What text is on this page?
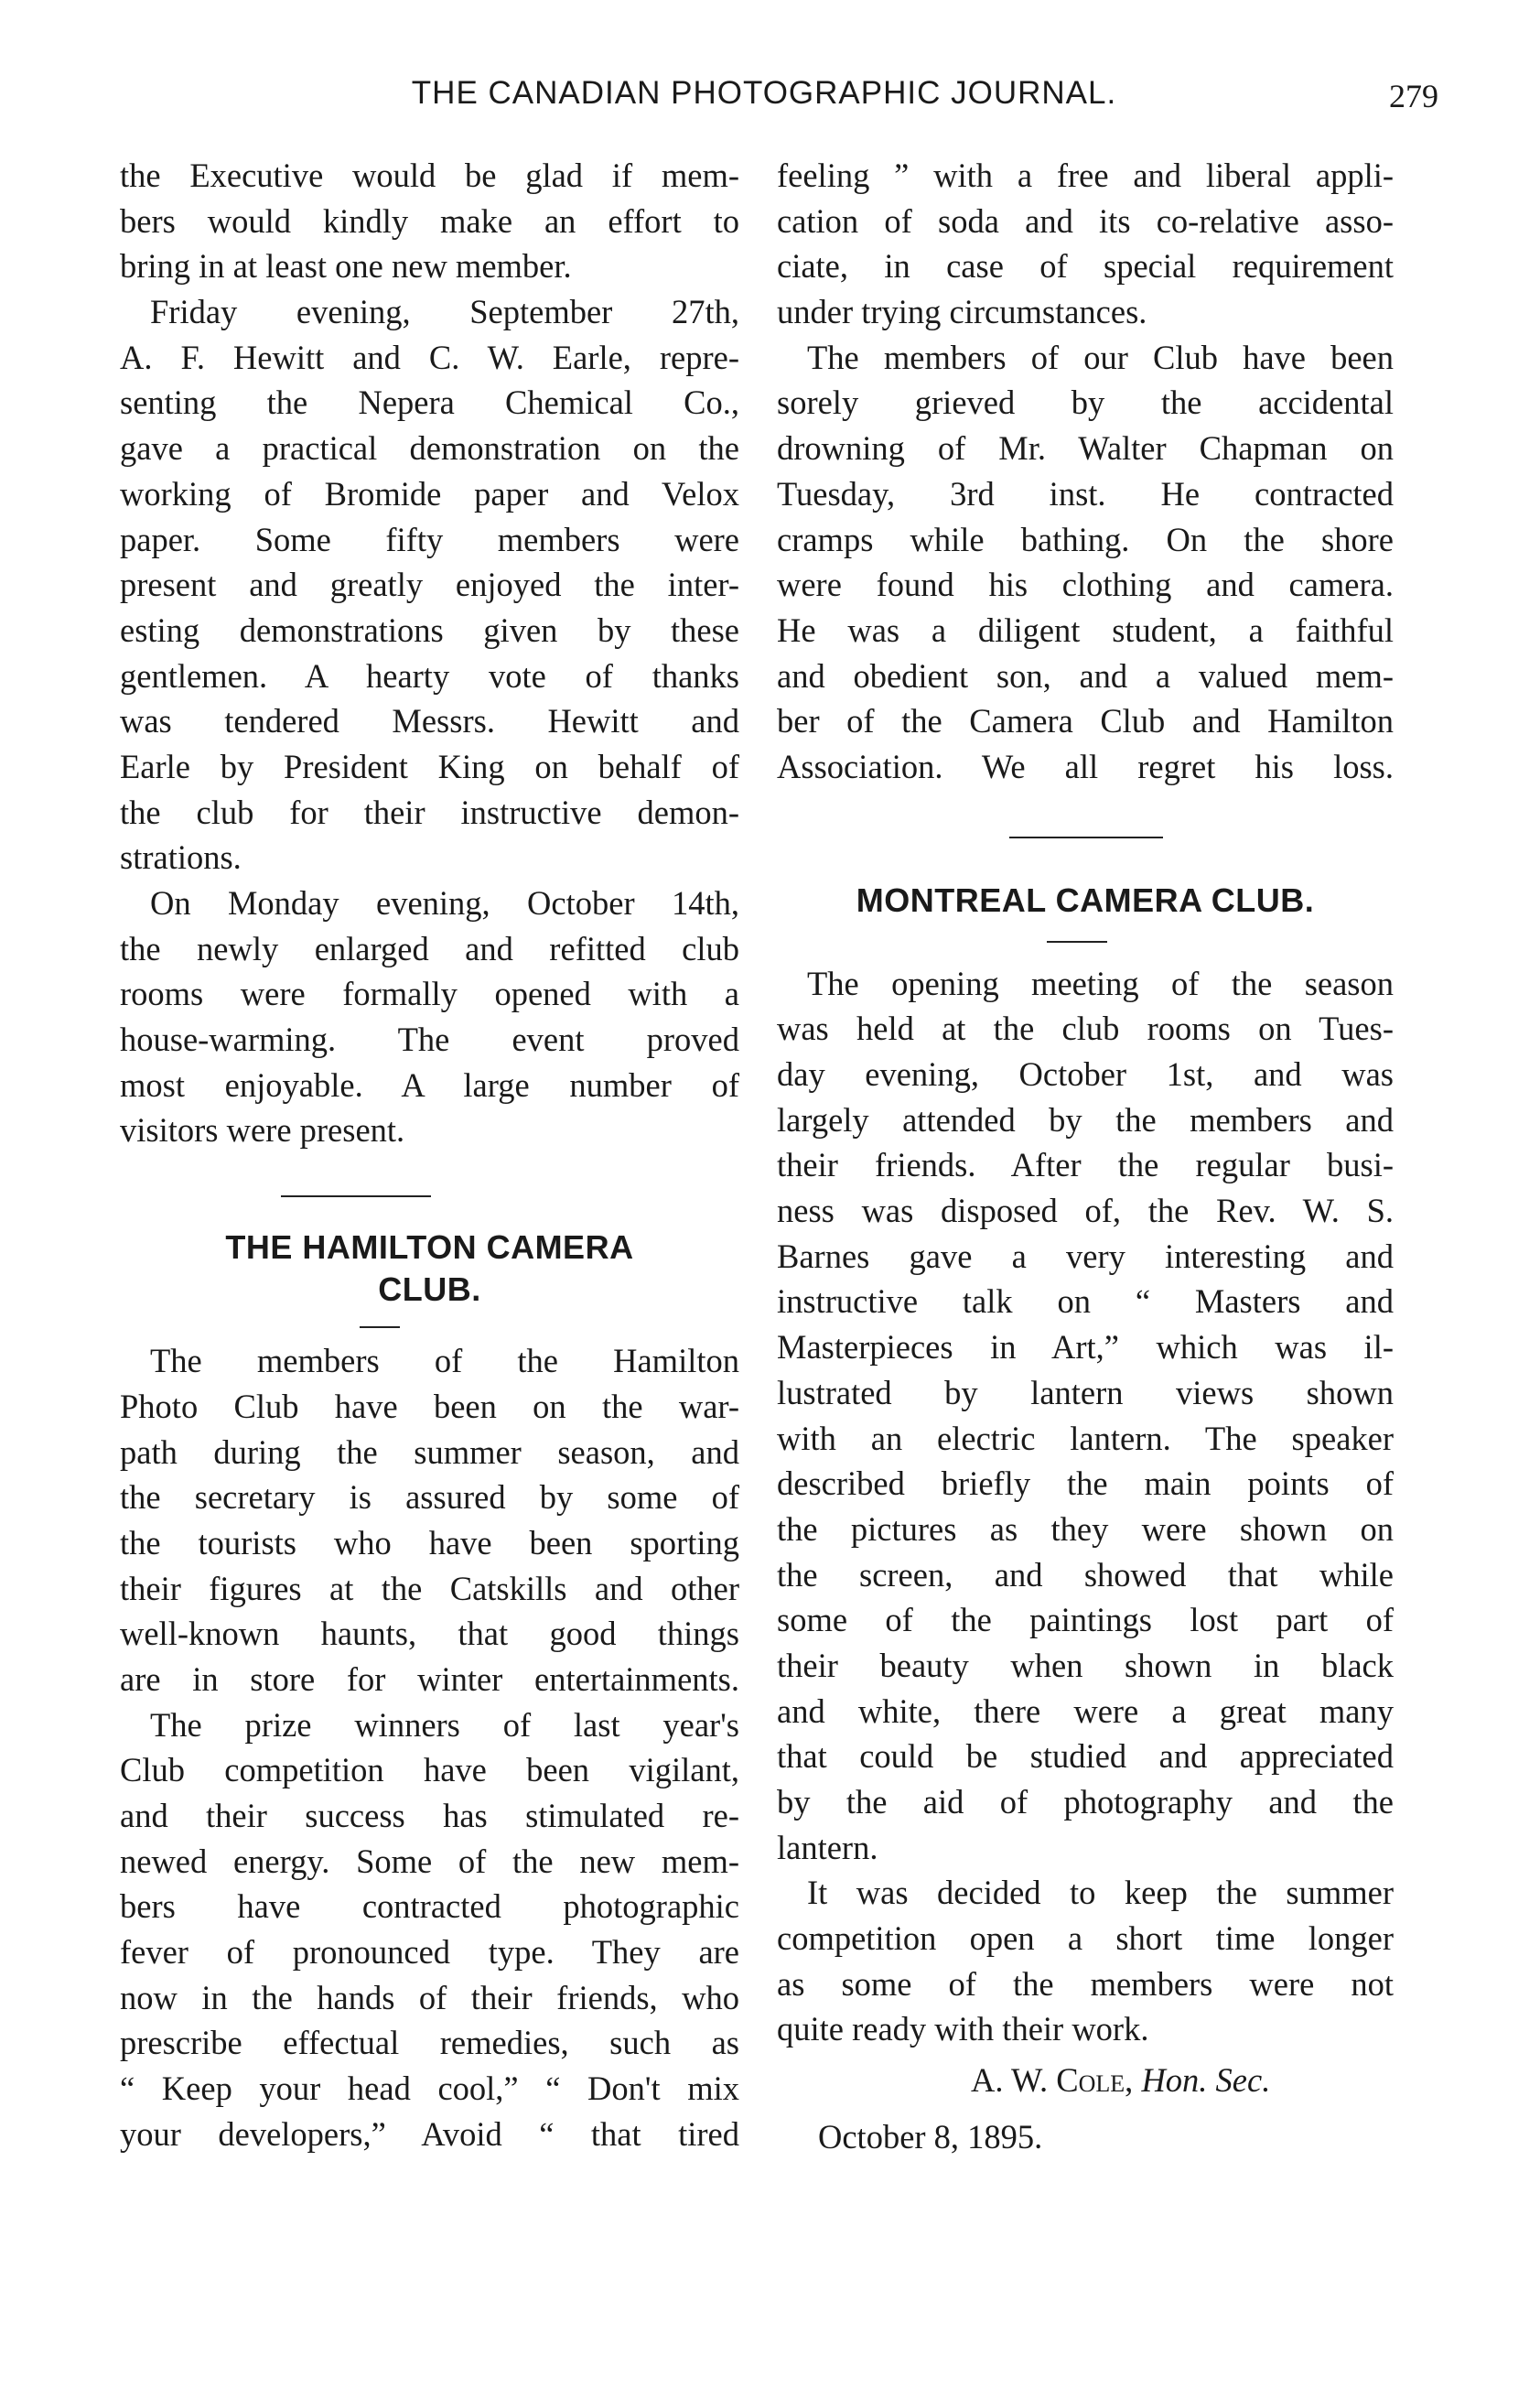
THE CANADIAN PHOTOGRAPHIC JOURNAL.	279
the Executive would be glad if mem-
bers would kindly make an effort to
bring in at least one new member.
Friday evening, September 27th,
A. F. Hewitt and C. W. Earle, repre-
senting the Nepera Chemical Co.,
gave a practical demonstration on the
working of Bromide paper and Velox
paper. Some fifty members were
present and greatly enjoyed the inter-
esting demonstrations given by these
gentlemen. A hearty vote of thanks
was tendered Messrs. Hewitt and
Earle by President King on behalf of
the club for their instructive demon-
strations.
On Monday evening, October 14th,
the newly enlarged and refitted club
rooms were formally opened with a
house-warming. The event proved
most enjoyable. A large number of
visitors were present.
THE HAMILTON CAMERA
CLUB.
The members of the Hamilton
Photo Club have been on the war-
path during the summer season, and
the secretary is assured by some of
the tourists who have been sporting
their figures at the Catskills and other
well-known haunts, that good things
are in store for winter entertainments.
The prize winners of last year's
Club competition have been vigilant,
and their success has stimulated re-
newed energy. Some of the new mem-
bers have contracted photographic
fever of pronounced type. They are
now in the hands of their friends, who
prescribe effectual remedies, such as
“ Keep your head cool,” “ Don't mix
your developers,” Avoid “ that tired
feeling ” with a free and liberal appli-
cation of soda and its co-relative asso-
ciate, in case of special requirement
under trying circumstances.
The members of our Club have been
sorely grieved by the accidental
drowning of Mr. Walter Chapman on
Tuesday, 3rd inst. He contracted
cramps while bathing. On the shore
were found his clothing and camera.
He was a diligent student, a faithful
and obedient son, and a valued mem-
ber of the Camera Club and Hamilton
Association. We all regret his loss.
MONTREAL CAMERA CLUB.
The opening meeting of the season
was held at the club rooms on Tues-
day evening, October 1st, and was
largely attended by the members and
their friends. After the regular busi-
ness was disposed of, the Rev. W. S.
Barnes gave a very interesting and
instructive talk on “ Masters and
Masterpieces in Art,” which was il-
lustrated by lantern views shown
with an electric lantern. The speaker
described briefly the main points of
the pictures as they were shown on
the screen, and showed that while
some of the paintings lost part of
their beauty when shown in black
and white, there were a great many
that could be studied and appreciated
by the aid of photography and the
lantern.
It was decided to keep the summer
competition open a short time longer
as some of the members were not
quite ready with their work.
A. W. Cole, Hon. Sec.
October 8, 1895.
